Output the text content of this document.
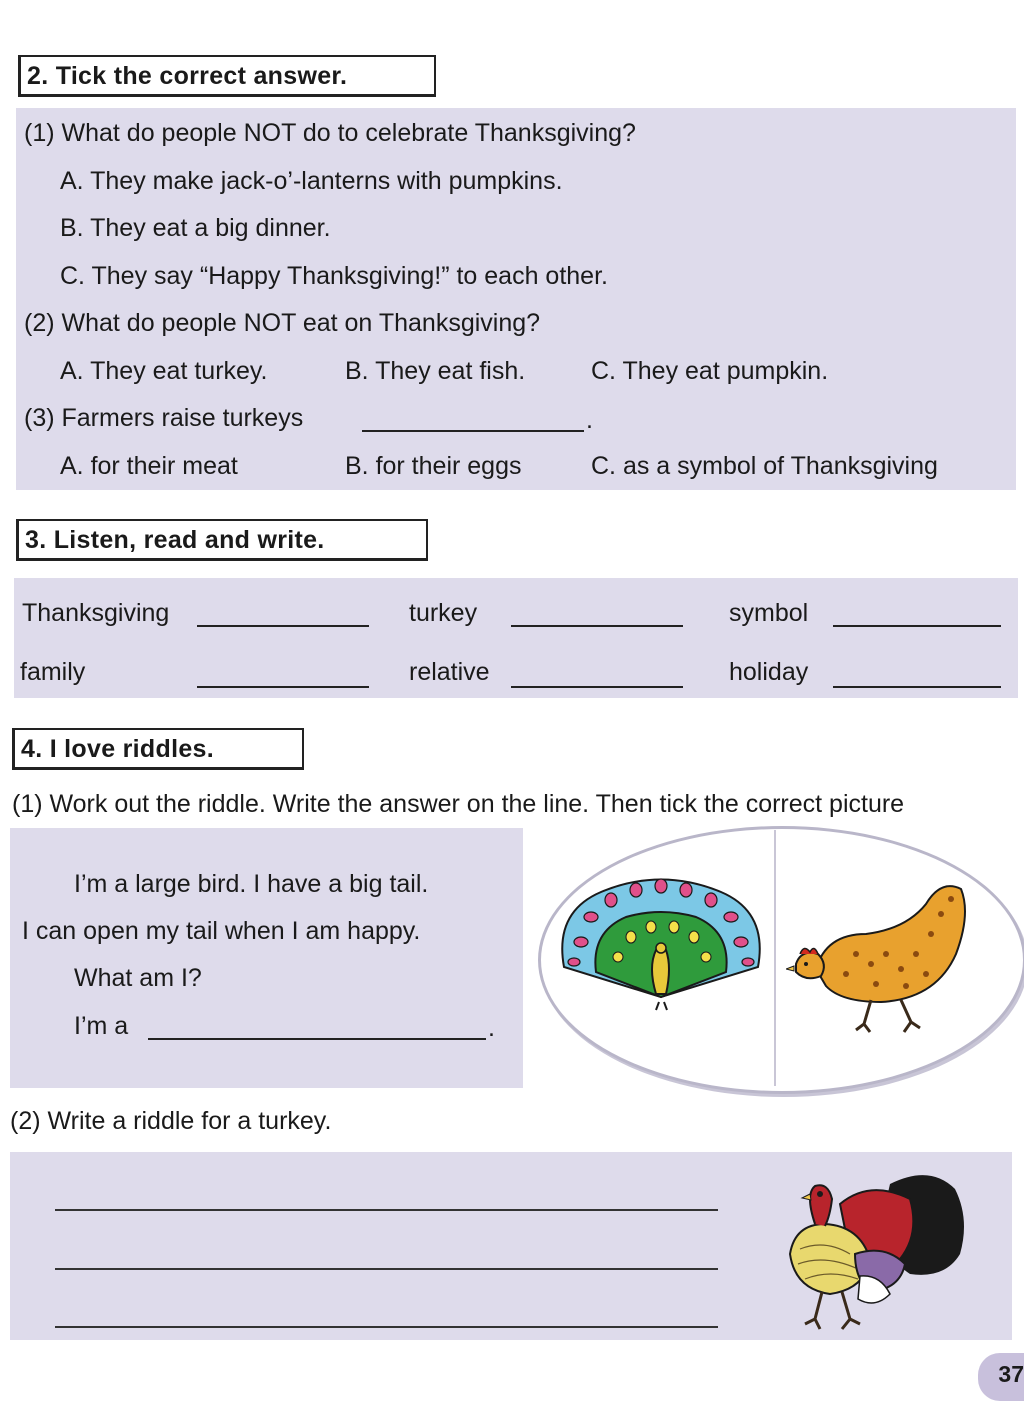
2. Tick the correct answer.
(1) What do people NOT do to celebrate Thanksgiving?
A. They make jack-o’-lanterns with pumpkins.
B. They eat a big dinner.
C. They say “Happy Thanksgiving!” to each other.
(2) What do people NOT eat on Thanksgiving?
A. They eat turkey.	B. They eat fish.	C. They eat pumpkin.
(3) Farmers raise turkeys	.
A. for their meat	B. for their eggs	C. as a symbol of Thanksgiving
3. Listen, read and write.
Thanksgiving	turkey	symbol
family	relative	holiday
4. I love riddles.
(1) Work out the riddle. Write the answer on the line. Then tick the correct picture
I’m a large bird. I have a big tail.
I can open my tail when I am happy.
What am I?
I’m a	.
(2) Write a riddle for a turkey.
37
